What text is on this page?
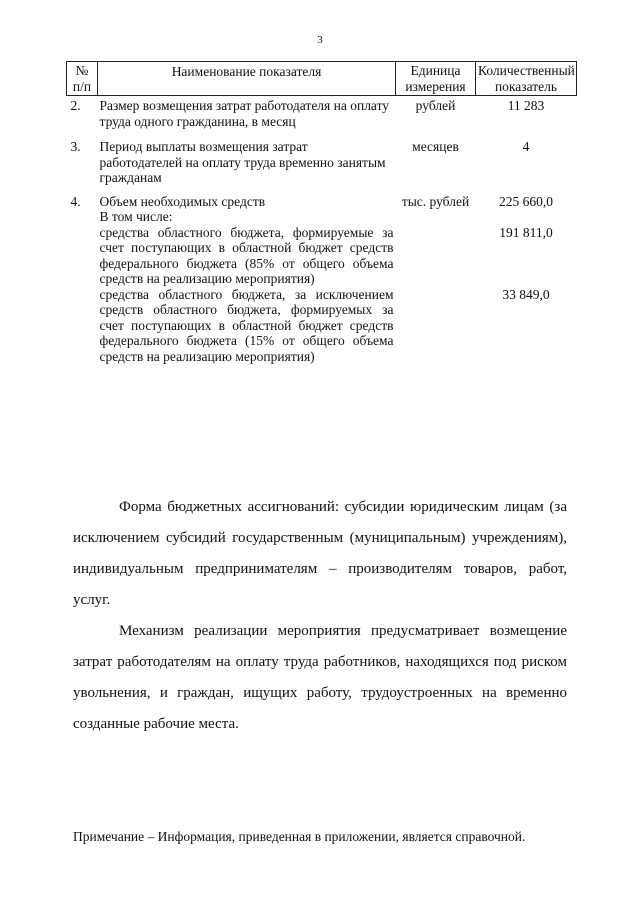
3
№ п/п	Наименование показателя	Единица измерения	Количественный показатель
2.	Размер возмещения затрат работодателя на оплату труда одного гражданина, в месяц	рублей	11 283
3.	Период выплаты возмещения затрат работодателей на оплату труда временно занятым гражданам	месяцев	4
4.	Объем необходимых средств	тыс. рублей	225 660,0
	В том числе:		
	средства областного бюджета, формируемые за счет поступающих в областной бюджет средств федерального бюджета (85% от общего объема средств на реализацию мероприятия)		191 811,0
	средства областного бюджета, за исключением средств областного бюджета, формируемых за счет поступающих в областной бюджет средств федерального бюджета (15% от общего объема средств на реализацию мероприятия)		33 849,0

Форма бюджетных ассигнований: субсидии юридическим лицам (за исключением субсидий государственным (муниципальным) учреждениям), индивидуальным предпринимателям – производителям товаров, работ, услуг.

Механизм реализации мероприятия предусматривает возмещение затрат работодателям на оплату труда работников, находящихся под риском увольнения, и граждан, ищущих работу, трудоустроенных на временно созданные рабочие места.

Примечание – Информация, приведенная в приложении, является справочной.
